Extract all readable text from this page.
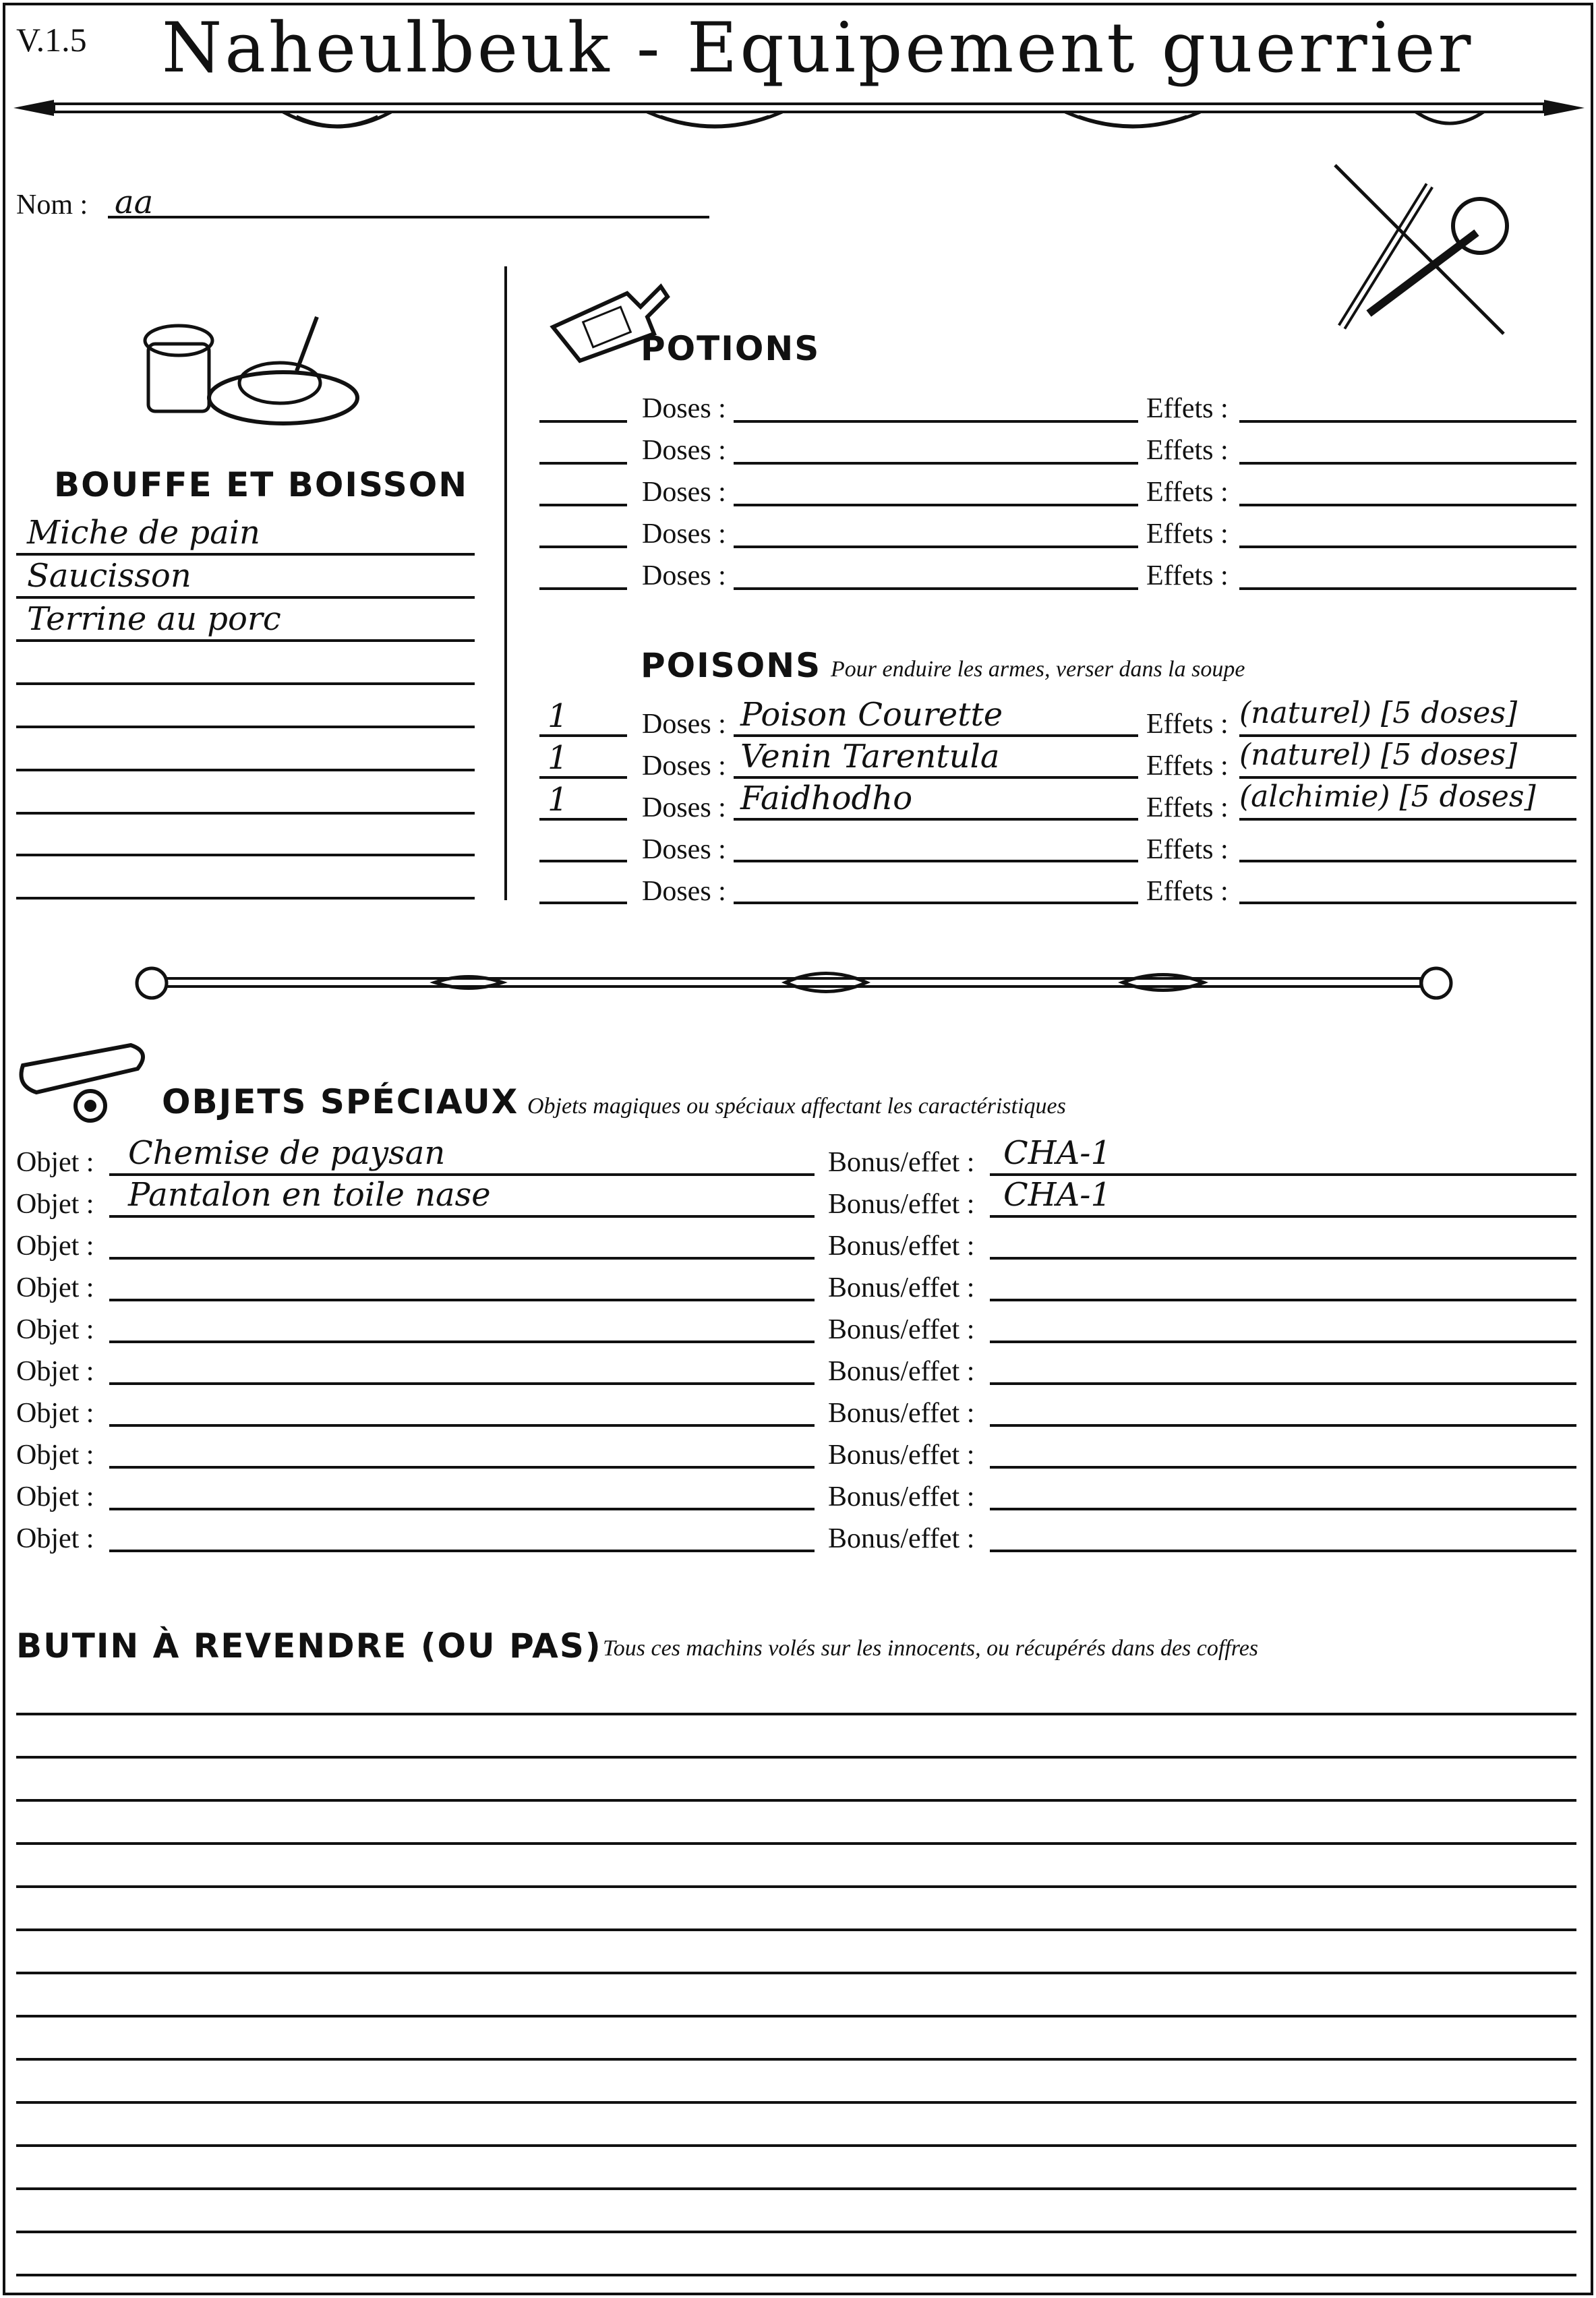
V.1.5 Naheulbeuk - Equipement guerrier
Nom : aa
BOUFFE ET BOISSON
Miche de pain
Saucisson
Terrine au porc
POTIONS
Doses :	Effets :
Doses :	Effets :
Doses :	Effets :
Doses :	Effets :
Doses :	Effets :
POISONS Pour enduire les armes, verser dans la soupe
1	Doses : Poison Courette	Effets : (naturel) [5 doses]
1	Doses : Venin Tarentula	Effets : (naturel) [5 doses]
1	Doses : Faidhodho	Effets : (alchimie) [5 doses]
Doses :	Effets :
Doses :	Effets :
OBJETS SPÉCIAUX Objets magiques ou spéciaux affectant les caractéristiques
Objet : Chemise de paysan	Bonus/effet : CHA-1
Objet : Pantalon en toile nase	Bonus/effet : CHA-1
Objet :	Bonus/effet :
Objet :	Bonus/effet :
Objet :	Bonus/effet :
Objet :	Bonus/effet :
Objet :	Bonus/effet :
Objet :	Bonus/effet :
Objet :	Bonus/effet :
Objet :	Bonus/effet :
BUTIN À REVENDRE (OU PAS) Tous ces machins volés sur les innocents, ou récupérés dans des coffres
